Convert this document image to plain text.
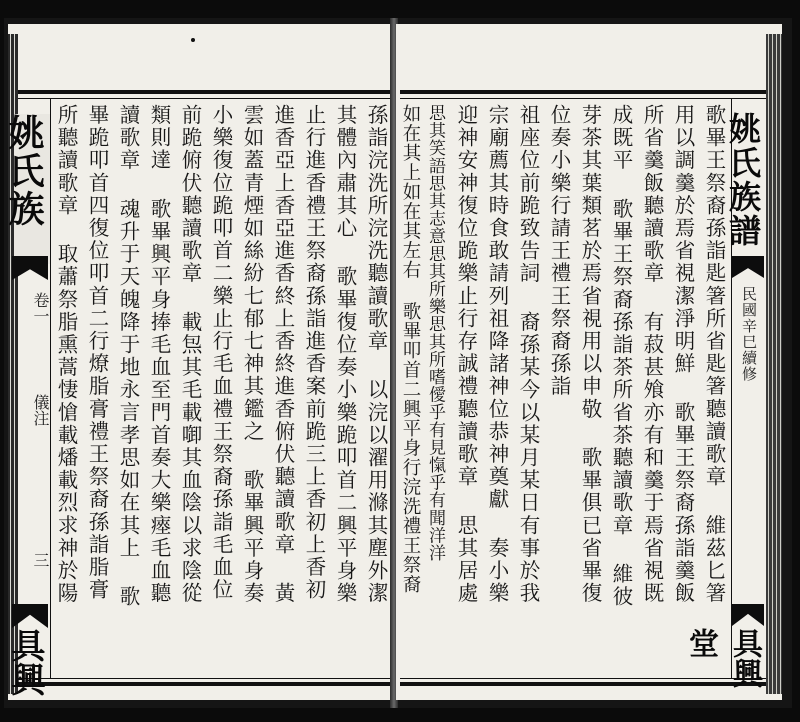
姚氏族
卷一
儀注
三
具興
孫詣浣洗所浣洗聽讀歌章 以浣以濯用滌其塵外潔
其體內肅其心 歌畢復位奏小樂跪叩首二興平身樂
止行進香禮王祭裔孫詣進香案前跪三上香初上香初
進香亞上香亞進香終上香終進香俯伏聽讀歌章 黃
雲如蓋青煙如絲紛七郁七神其鑑之 歌畢興平身奏
小樂復位跪叩首二樂止行毛血禮王祭裔孫詣毛血位
前跪俯伏聽讀歌章 載炰其毛載啣其血陰以求陰從
類則達 歌畢興平身捧毛血至門首奏大樂瘞毛血聽
讀歌章 魂升于天魄降于地永言孝思如在其上 歌
畢跪叩首四復位叩首二行燎脂膏禮王祭裔孫詣脂膏
所聽讀歌章 取蕭祭脂熏蒿悽愴載燔載烈求神於陽	姚氏族譜
民國辛巳續修
具興堂
歌畢王祭裔孫詣匙箸所省匙箸聽讀歌章 維茲匕箸
用以調羹於焉省視潔淨明鮮 歌畢王祭裔孫詣羹飯
所省羹飯聽讀歌章 有菽甚飧亦有和羹于焉省視既
成既平 歌畢王祭裔孫詣茶所省茶聽讀歌章 維彼
芽茶其葉類茗於焉省視用以申敬 歌畢俱已省畢復
位奏小樂行請王禮王祭裔孫詣
祖座位前跪致告詞 裔孫某今以某月某日有事於我
宗廟薦其時食敢請列祖降諸神位恭神奠獻 奏小樂
迎神安神復位跪樂止行存誠禮聽讀歌章 思其居處
思其笑語思其志意思其所樂思其所嗜僾乎有見愾乎有聞洋洋
如在其上如在其左右 歌畢叩首二興平身行浣洗禮王祭裔
